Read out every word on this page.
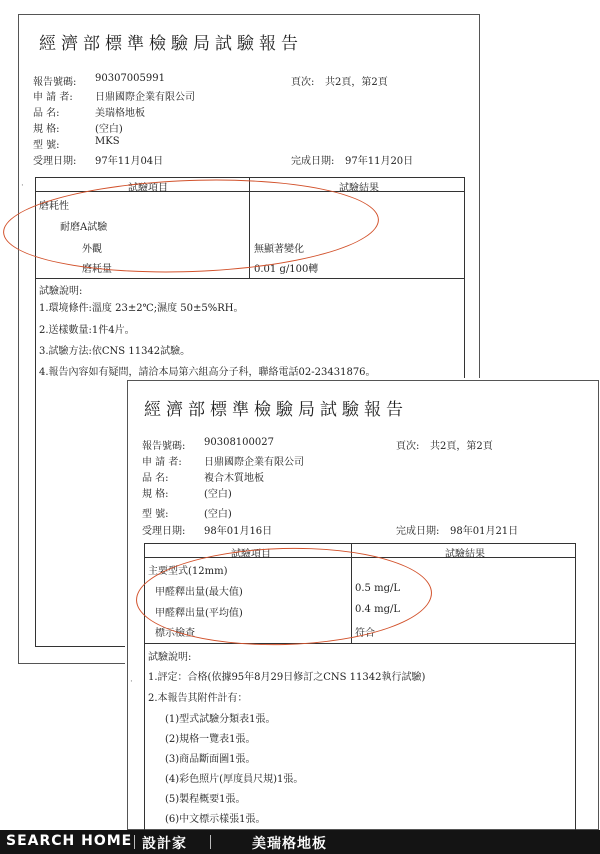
經濟部標準檢驗局試驗報告
報告號碼: 90307005991	頁次: 共2頁，第2頁
申 請 者: 日鼎國際企業有限公司
品 名:	美瑞格地板
規 格:	(空白)
型 號:	MKS
受理日期: 97年11月04日	完成日期: 97年11月20日
·	試驗項目	試驗結果
磨耗性
耐磨A試驗
外觀	無顯著變化
磨耗量	0.01 g/100轉
試驗說明:
1.環境條件:溫度 23±2℃;濕度 50±5%RH。
2.送樣數量:1件4片。
3.試驗方法:依CNS 11342試驗。
4.報告內容如有疑問，請洽本局第六組高分子科，聯絡電話02-23431876。
經濟部標準檢驗局試驗報告
報告號碼: 90308100027	頁次: 共2頁，第2頁
申 請 者: 日鼎國際企業有限公司
品 名:	複合木質地板
規 格:	(空白)
型 號:	(空白)
受理日期: 98年01月16日	完成日期: 98年01月21日
試驗項目	試驗結果
主要型式(12mm)
甲醛釋出量(最大值)	0.5 mg/L
甲醛釋出量(平均值)	0.4 mg/L
標示檢查	符合
試驗說明:
1.評定：合格(依據95年8月29日修訂之CNS 11342執行試驗)
2.本報告其附件計有：
(1)型式試驗分類表1張。
(2)規格一覽表1張。
(3)商品斷面圖1張。
(4)彩色照片(厚度員尺規)1張。
(5)製程概要1張。
(6)中文標示樣張1張。
·
SEARCH HOME 設計家	美瑞格地板
